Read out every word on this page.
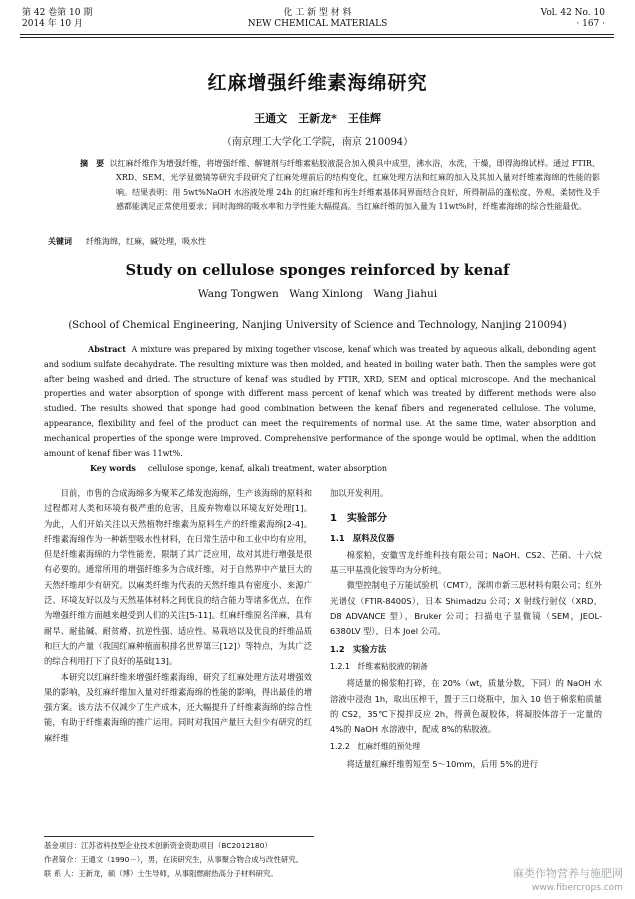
第 42 卷第 10 期
2014 年 10 月
化 工 新 型 材 料
NEW CHEMICAL MATERIALS
Vol. 42 No. 10
· 167 ·
红麻增强纤维素海绵研究
王通文　王新龙*　王佳辉
（南京理工大学化工学院，南京 210094）
摘　要 以红麻纤维作为增强纤维，将增强纤维、解键剂与纤维素粘胶液混合加入模具中成型，沸水浴，水洗，干燥，即得海绵试样。通过 FTIR、XRD、SEM、光学显微镜等研究手段研究了红麻处理前后的结构变化，红麻处理方法和红麻的加入及其加入量对纤维素海绵的性能的影响。结果表明：用 5wt%NaOH 水浴液处理 24h 的红麻纤维和再生纤维素基体间界面结合良好，所得制品的蓬松度、外观、柔韧性及手感都能满足正常使用要求；同时海绵的吸水率和力学性能大幅提高。当红麻纤维的加入量为 11wt%时，纤维素海绵的综合性能最优。
关键词 纤维海绵，红麻，碱处理，吸水性
Study on cellulose sponges reinforced by kenaf
Wang Tongwen　Wang Xinlong　Wang Jiahui
(School of Chemical Engineering, Nanjing University of Science and Technology, Nanjing 210094)
Abstract A mixture was prepared by mixing together viscose, kenaf which was treated by aqueous alkali, debonding agent and sodium sulfate decahydrate. The resulting mixture was then molded, and heated in boiling water bath. Then the samples were got after being washed and dried. The structure of kenaf was studied by FTIR, XRD, SEM and optical microscope. And the mechanical properties and water absorption of sponge with different mass percent of kenaf which was treated by different methods were also studied. The results showed that sponge had good combination between the kenaf fibers and regenerated cellulose. The volume, appearance, flexibility and feel of the product can meet the requirements of normal use. At the same time, water absorption and mechanical properties of the sponge were improved. Comprehensive performance of the sponge would be optimal, when the addition amount of kenaf fiber was 11wt%.
Key words cellulose sponge, kenaf, alkali treatment, water absorption

目前，市售的合成海绵多为聚苯乙烯发泡海绵，生产该海绵的原料和过程都对人类和环境有极严重的危害，且废弃物难以环境友好处理[1]。为此，人们开始关注以天然植物纤维素为原料生产的纤维素海绵[2-4]。纤维素海绵作为一种新型吸水性材料，在日常生活中和工业中均有应用，但是纤维素海绵的力学性能差，限制了其广泛应用，故对其进行增强是很有必要的。通常所用的增强纤维多为合成纤维，对于自然界中产量巨大的天然纤维却少有研究。以麻类纤维为代表的天然纤维具有密度小、来源广泛、环境友好以及与天然基体材料之间优良的结合能力等诸多优点，在作为增强纤维方面越来越受到人们的关注[5-11]。红麻纤维原名洋麻，具有耐旱、耐盐碱、耐贫瘠、抗逆性强、适应性、易栽培以及优良的纤维品质和巨大的产量（我国红麻种植面积排名世界第三[12]）等特点，为其广泛的综合利用打下了良好的基础[13]。

本研究以红麻纤维来增强纤维素海绵，研究了红麻处理方法对增强效果的影响，及红麻纤维加入量对纤维素海绵的性能的影响，得出最佳的增强方案。该方法不仅减少了生产成本，还大幅提升了纤维素海绵的综合性能，有助于纤维素海绵的推广运用。同时对我国产量巨大但少有研究的红麻纤维

加以开发利用。

1　实验部分

1.1　原料及仪器

棉浆粕，安徽雪龙纤维科技有限公司；NaOH、CS2、芒硝、十六烷基三甲基溴化铵等均为分析纯。

微型控制电子万能试验机（CMT），深圳市新三思材料有限公司；红外光谱仪（FTIR-8400S），日本 Shimadzu 公司；X 射线行射仪（XRD，D8 ADVANCE 型），Bruker 公司；扫描电子显微镜（SEM，JEOL-6380LV 型），日本 Joel 公司。

1.2　实验方法

1.2.1　纤维素粘胶液的制备

将适量的棉浆粕打碎，在 20%（wt，质量分数，下同）的 NaOH 水溶液中浸泡 1h，取出压榨干，置于三口烧瓶中，加入 10 倍于棉浆粕质量的 CS2，35℃下搅拌反应 2h，得黄色凝胶体，将凝胶体溶于一定量的 4%的 NaOH 水溶液中，配成 8%的粘胶液。

1.2.2　红麻纤维的预处理

将适量红麻纤维剪短至 5～10mm，后用 5%的进行

基金项目：江苏省科技型企业技术创新资金资助项目（BC2012180）
作者简介：王通文（1990－），男，在读研究生，从事聚合物合成与改性研究。
联 系 人：王新龙，硕（博）士生导师，从事阻燃耐热高分子材料研究。	麻类作物营养与施肥网
www.fibercrops.com
